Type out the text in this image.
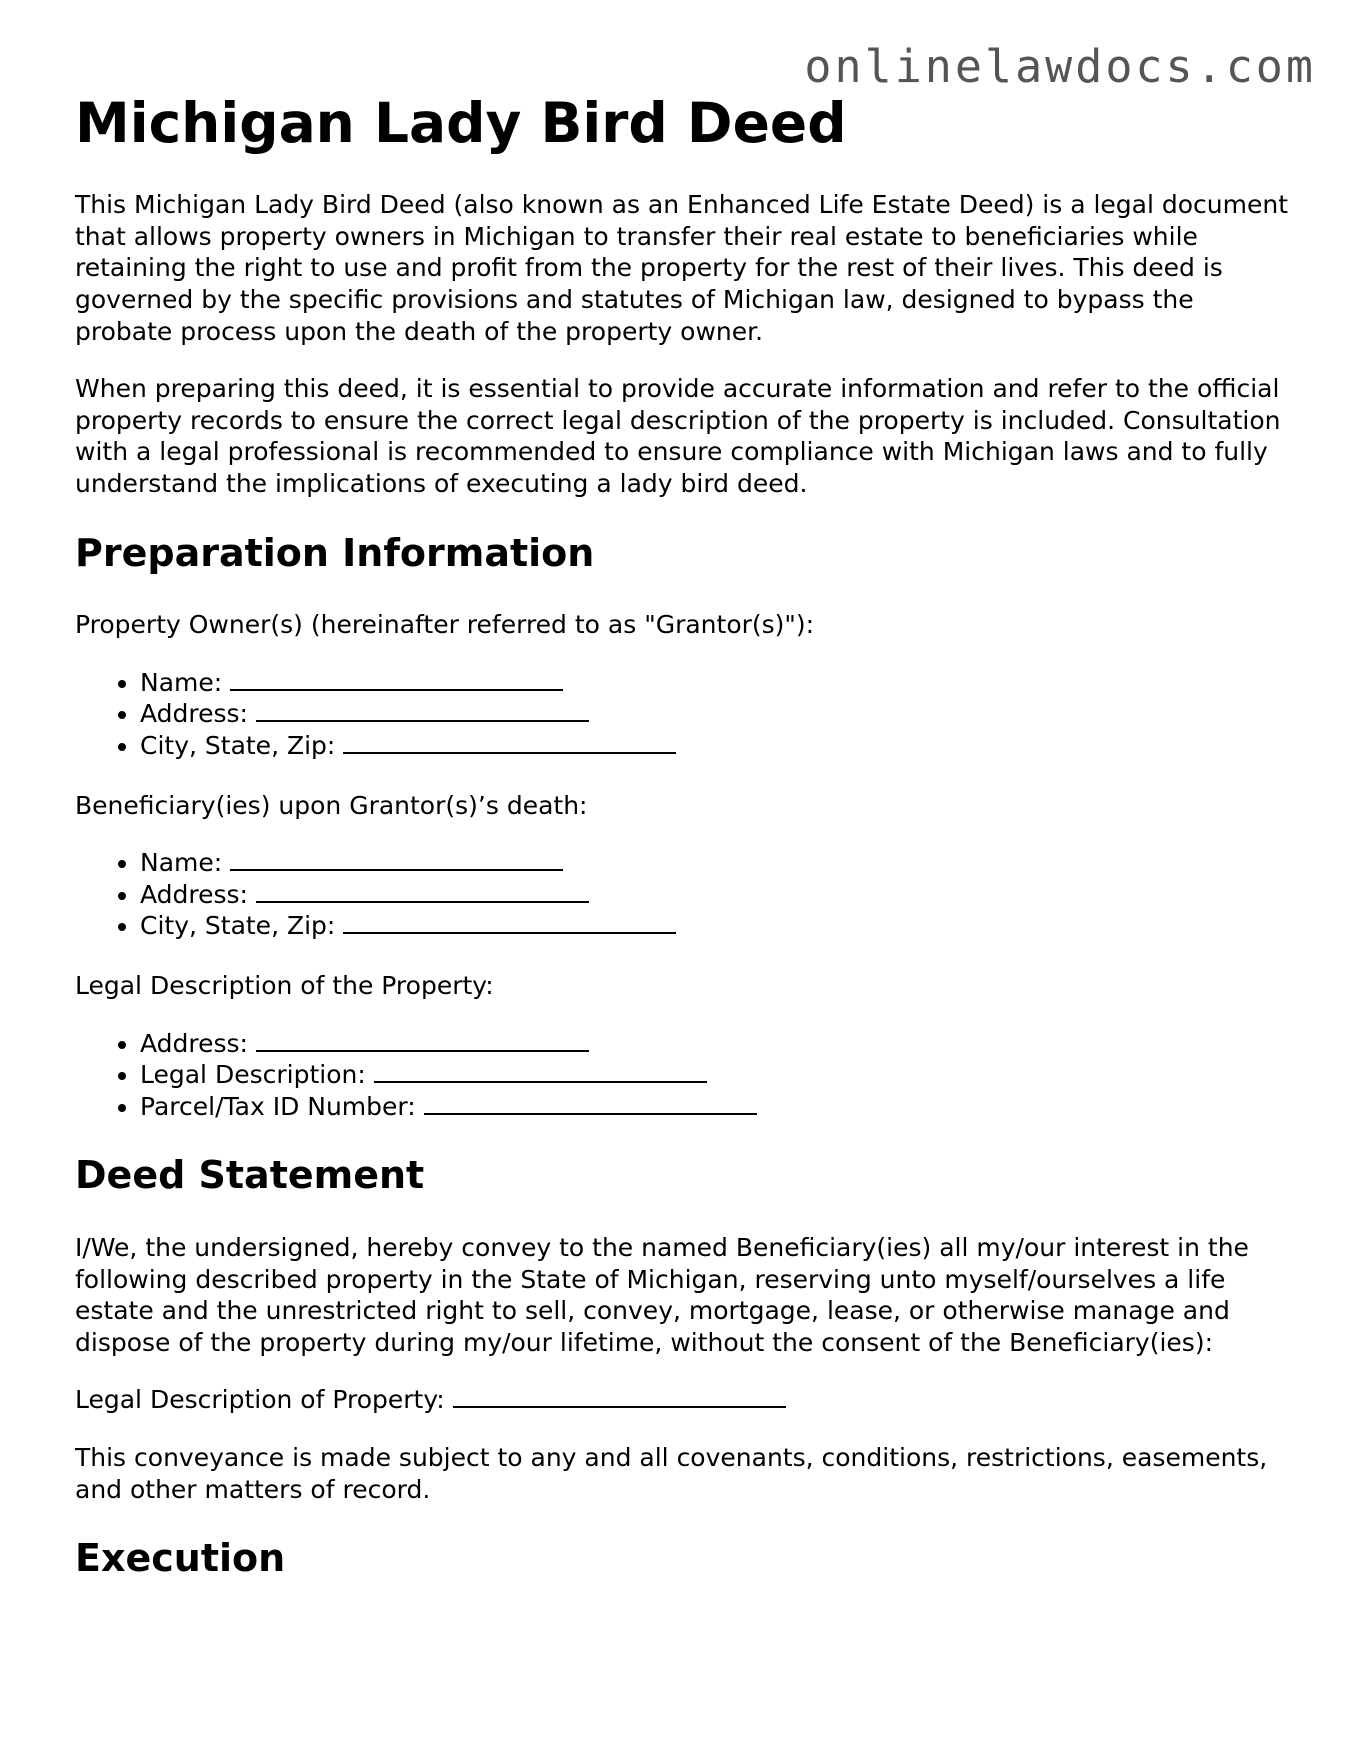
onlinelawdocs.com
Michigan Lady Bird Deed

This Michigan Lady Bird Deed (also known as an Enhanced Life Estate Deed) is a legal document that allows property owners in Michigan to transfer their real estate to beneficiaries while retaining the right to use and profit from the property for the rest of their lives. This deed is governed by the specific provisions and statutes of Michigan law, designed to bypass the probate process upon the death of the property owner.

When preparing this deed, it is essential to provide accurate information and refer to the official property records to ensure the correct legal description of the property is included. Consultation with a legal professional is recommended to ensure compliance with Michigan laws and to fully understand the implications of executing a lady bird deed.

Preparation Information

Property Owner(s) (hereinafter referred to as "Grantor(s)"):

• Name:
• Address:
• City, State, Zip:

Beneficiary(ies) upon Grantor(s)’s death:

• Name:
• Address:
• City, State, Zip:

Legal Description of the Property:

• Address:
• Legal Description:
• Parcel/Tax ID Number:
Deed Statement

I/We, the undersigned, hereby convey to the named Beneficiary(ies) all my/our interest in the following described property in the State of Michigan, reserving unto myself/ourselves a life estate and the unrestricted right to sell, convey, mortgage, lease, or otherwise manage and dispose of the property during my/our lifetime, without the consent of the Beneficiary(ies):

Legal Description of Property:

This conveyance is made subject to any and all covenants, conditions, restrictions, easements, and other matters of record.

Execution
